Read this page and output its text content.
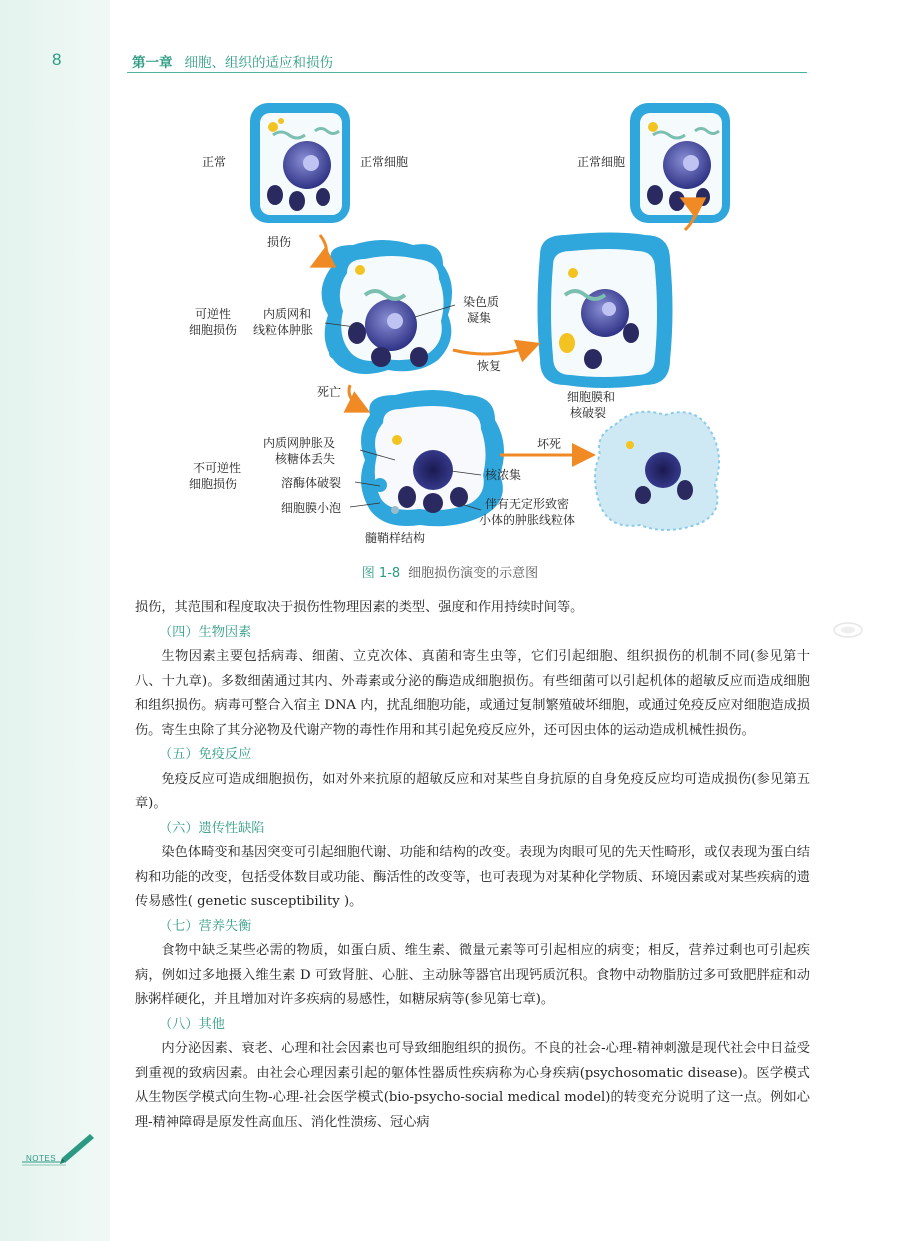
8	第一章 细胞、组织的适应和损伤
正常	正常细胞	正常细胞
损伤
可逆性
细胞损伤
内质网和
线粒体肿胀
染色质
凝集
恢复
死亡	细胞膜和
核破裂
内质网肿胀及
核糖体丢失
坏死
不可逆性
细胞损伤
核浓集
溶酶体破裂
细胞膜小泡	伴有无定形致密
小体的肿胀线粒体
髓鞘样结构
图 1-8 细胞损伤演变的示意图

损伤，其范围和程度取决于损伤性物理因素的类型、强度和作用持续时间等。

（四）生物因素

生物因素主要包括病毒、细菌、立克次体、真菌和寄生虫等，它们引起细胞、组织损伤的机制不同(参见第十八、十九章)。多数细菌通过其内、外毒素或分泌的酶造成细胞损伤。有些细菌可以引起机体的超敏反应而造成细胞和组织损伤。病毒可整合入宿主 DNA 内，扰乱细胞功能，或通过复制繁殖破坏细胞，或通过免疫反应对细胞造成损伤。寄生虫除了其分泌物及代谢产物的毒性作用和其引起免疫反应外，还可因虫体的运动造成机械性损伤。

（五）免疫反应

免疫反应可造成细胞损伤，如对外来抗原的超敏反应和对某些自身抗原的自身免疫反应均可造成损伤(参见第五章)。

（六）遗传性缺陷

染色体畸变和基因突变可引起细胞代谢、功能和结构的改变。表现为肉眼可见的先天性畸形，或仅表现为蛋白结构和功能的改变，包括受体数目或功能、酶活性的改变等，也可表现为对某种化学物质、环境因素或对某些疾病的遗传易感性( genetic susceptibility )。

（七）营养失衡

食物中缺乏某些必需的物质，如蛋白质、维生素、微量元素等可引起相应的病变；相反，营养过剩也可引起疾病，例如过多地摄入维生素 D 可致肾脏、心脏、主动脉等器官出现钙质沉积。食物中动物脂肪过多可致肥胖症和动脉粥样硬化，并且增加对许多疾病的易感性，如糖尿病等(参见第七章)。

（八）其他

内分泌因素、衰老、心理和社会因素也可导致细胞组织的损伤。不良的社会-心理-精神刺激是现代社会中日益受到重视的致病因素。由社会心理因素引起的躯体性器质性疾病称为心身疾病(psychosomatic disease)。医学模式从生物医学模式向生物-心理-社会医学模式(bio-psycho-social medical model)的转变充分说明了这一点。例如心理-精神障碍是原发性高血压、消化性溃疡、冠心病

NOTES
